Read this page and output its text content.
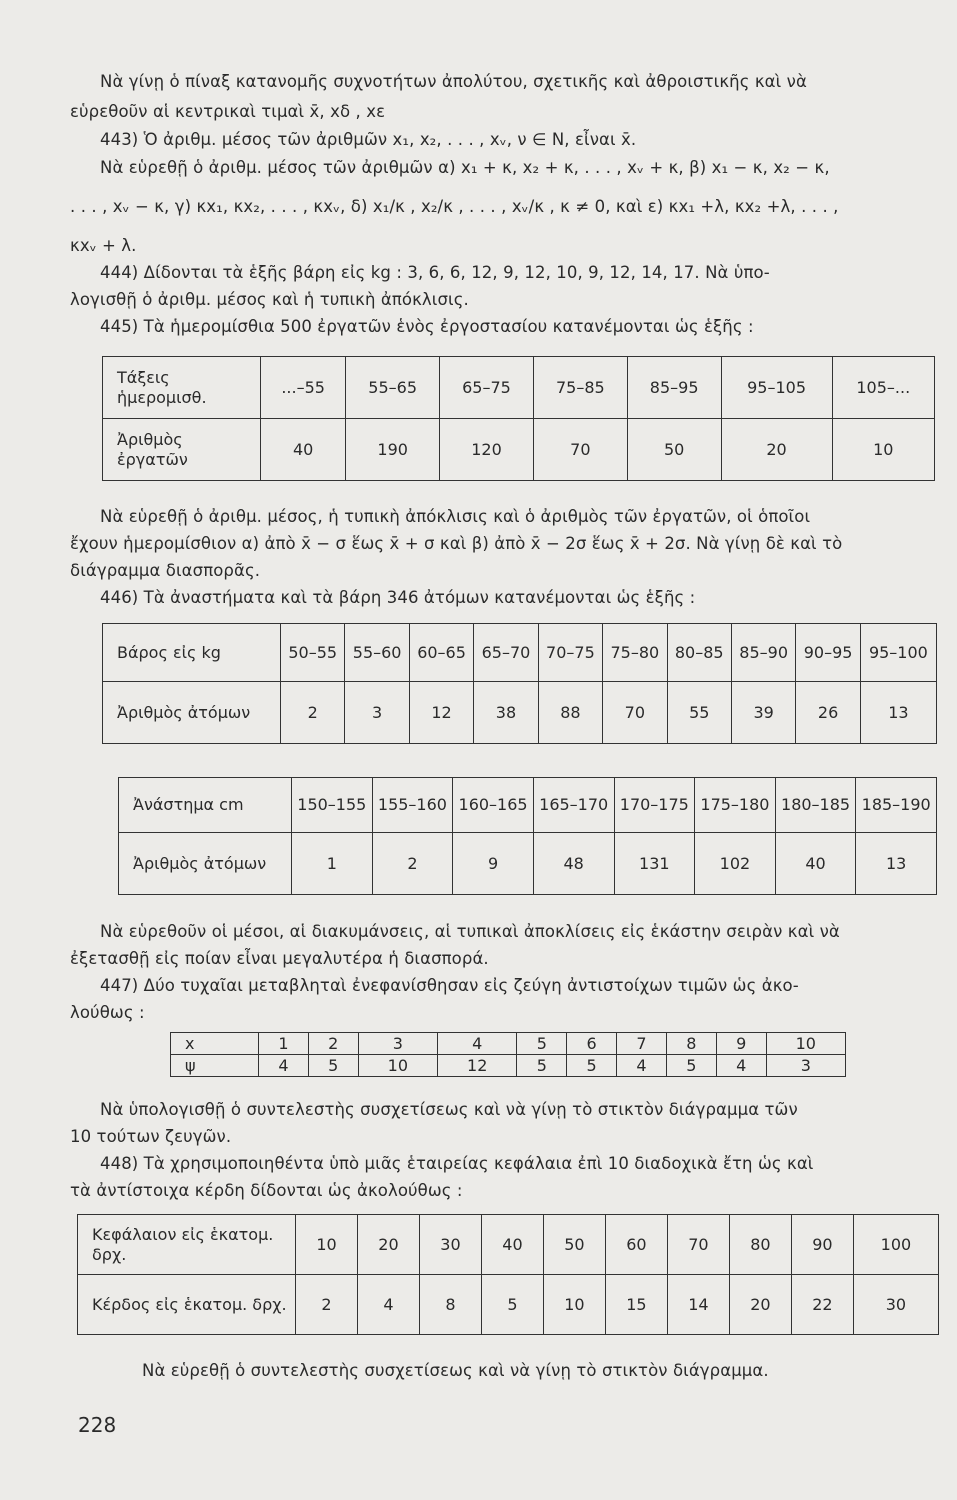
Νὰ γίνῃ ὁ πίναξ κατανομῆς συχνοτήτων ἀπολύτου, σχετικῆς καὶ ἀθροιστικῆς καὶ νὰ
εὑρεθοῦν αἱ κεντρικαὶ τιμαὶ x̄, xδ , xε
443) Ὁ ἀριθμ. μέσος τῶν ἀριθμῶν x₁, x₂, . . . , xᵥ, ν ∈ N, εἶναι x̄.
Νὰ εὑρεθῇ ὁ ἀριθμ. μέσος τῶν ἀριθμῶν α) x₁ + κ, x₂ + κ, . . . , xᵥ + κ, β) x₁ − κ, x₂ − κ,
. . . , xᵥ − κ, γ) κx₁, κx₂, . . . , κxᵥ, δ) x₁/κ , x₂/κ , . . . , xᵥ/κ , κ ≠ 0, καὶ ε) κx₁ +λ, κx₂ +λ, . . . ,
κxᵥ + λ.
444) Δίδονται τὰ ἑξῆς βάρη εἰς kg : 3, 6, 6, 12, 9, 12, 10, 9, 12, 14, 17. Νὰ ὑπο-
λογισθῇ ὁ ἀριθμ. μέσος καὶ ἡ τυπικὴ ἀπόκλισις.
445) Τὰ ἡμερομίσθια 500 ἐργατῶν ἑνὸς ἐργοστασίου κατανέμονται ὡς ἑξῆς :
Τάξεις ἡμερομισθ.	...–55	55–65	65–75	75–85	85–95	95–105	105–...
Ἀριθμὸς ἐργατῶν	40	190	120	70	50	20	10
Νὰ εὑρεθῇ ὁ ἀριθμ. μέσος, ἡ τυπικὴ ἀπόκλισις καὶ ὁ ἀριθμὸς τῶν ἐργατῶν, οἱ ὁποῖοι
ἔχουν ἡμερομίσθιον α) ἀπὸ x̄ − σ ἕως x̄ + σ καὶ β) ἀπὸ x̄ − 2σ ἕως x̄ + 2σ. Νὰ γίνῃ δὲ καὶ τὸ
διάγραμμα διασπορᾶς.
446) Τὰ ἀναστήματα καὶ τὰ βάρη 346 ἀτόμων κατανέμονται ὡς ἑξῆς :
Βάρος εἰς kg	50–55	55–60	60–65	65–70	70–75	75–80	80–85	85–90	90–95	95–100
Ἀριθμὸς ἀτόμων	2	3	12	38	88	70	55	39	26	13
Ἀνάστημα cm	150–155	155–160	160–165	165–170	170–175	175–180	180–185	185–190
Ἀριθμὸς ἀτόμων	1	2	9	48	131	102	40	13
Νὰ εὑρεθοῦν οἱ μέσοι, αἱ διακυμάνσεις, αἱ τυπικαὶ ἀποκλίσεις εἰς ἑκάστην σειρὰν καὶ νὰ
ἐξετασθῇ εἰς ποίαν εἶναι μεγαλυτέρα ἡ διασπορά.
447) Δύο τυχαῖαι μεταβληταὶ ἐνεφανίσθησαν εἰς ζεύγη ἀντιστοίχων τιμῶν ὡς ἀκο-
λούθως :
x	1	2	3	4	5	6	7	8	9	10
ψ	4	5	10	12	5	5	4	5	4	3
Νὰ ὑπολογισθῇ ὁ συντελεστὴς συσχετίσεως καὶ νὰ γίνῃ τὸ στικτὸν διάγραμμα τῶν
10 τούτων ζευγῶν.
448) Τὰ χρησιμοποιηθέντα ὑπὸ μιᾶς ἑταιρείας κεφάλαια ἐπὶ 10 διαδοχικὰ ἔτη ὡς καὶ
τὰ ἀντίστοιχα κέρδη δίδονται ὡς ἀκολούθως :
Κεφάλαιον εἰς ἑκατομ. δρχ.	10	20	30	40	50	60	70	80	90	100
Κέρδος εἰς ἑκατομ. δρχ.	2	4	8	5	10	15	14	20	22	30
Νὰ εὑρεθῇ ὁ συντελεστὴς συσχετίσεως καὶ νὰ γίνῃ τὸ στικτὸν διάγραμμα.
228
